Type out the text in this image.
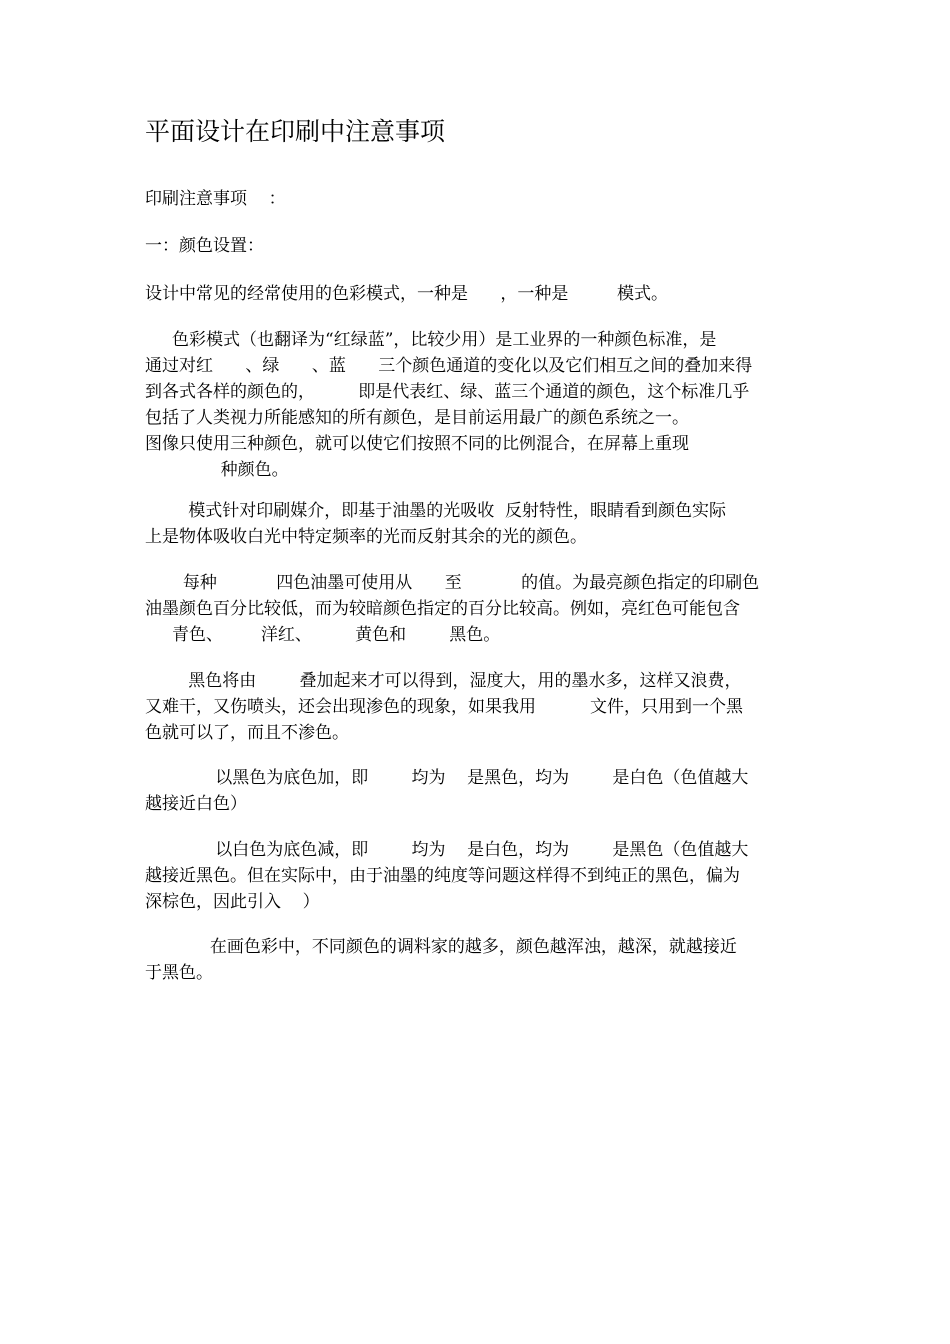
平面设计在印刷中注意事项
印刷注意事项    ：
一：颜色设置：
设计中常见的经常使用的色彩模式，一种是      ，一种是         模式。
色彩模式（也翻译为“红绿蓝”，比较少用）是工业界的一种颜色标准，是
通过对红      、绿      、蓝      三个颜色通道的变化以及它们相互之间的叠加来得
到各式各样的颜色的，        即是代表红、绿、蓝三个通道的颜色，这个标准几乎
包括了人类视力所能感知的所有颜色，是目前运用最广的颜色系统之一。
图像只使用三种颜色，就可以使它们按照不同的比例混合，在屏幕上重现
种颜色。
模式针对印刷媒介，即基于油墨的光吸收  反射特性，眼睛看到颜色实际
上是物体吸收白光中特定频率的光而反射其余的光的颜色。
每种           四色油墨可使用从      至           的值。为最亮颜色指定的印刷色
油墨颜色百分比较低，而为较暗颜色指定的百分比较高。例如，亮红色可能包含
青色、       洋红、        黄色和        黑色。
黑色将由        叠加起来才可以得到，湿度大，用的墨水多，这样又浪费，
又难干，又伤喷头，还会出现渗色的现象，如果我用          文件，只用到一个黑
色就可以了，而且不渗色。
以黑色为底色加，即        均为    是黑色，均为        是白色（色值越大
越接近白色）
以白色为底色减，即        均为    是白色，均为        是黑色（色值越大
越接近黑色。但在实际中，由于油墨的纯度等问题这样得不到纯正的黑色，偏为
深棕色，因此引入    ）
在画色彩中，不同颜色的调料家的越多，颜色越浑浊，越深，就越接近
于黑色。
